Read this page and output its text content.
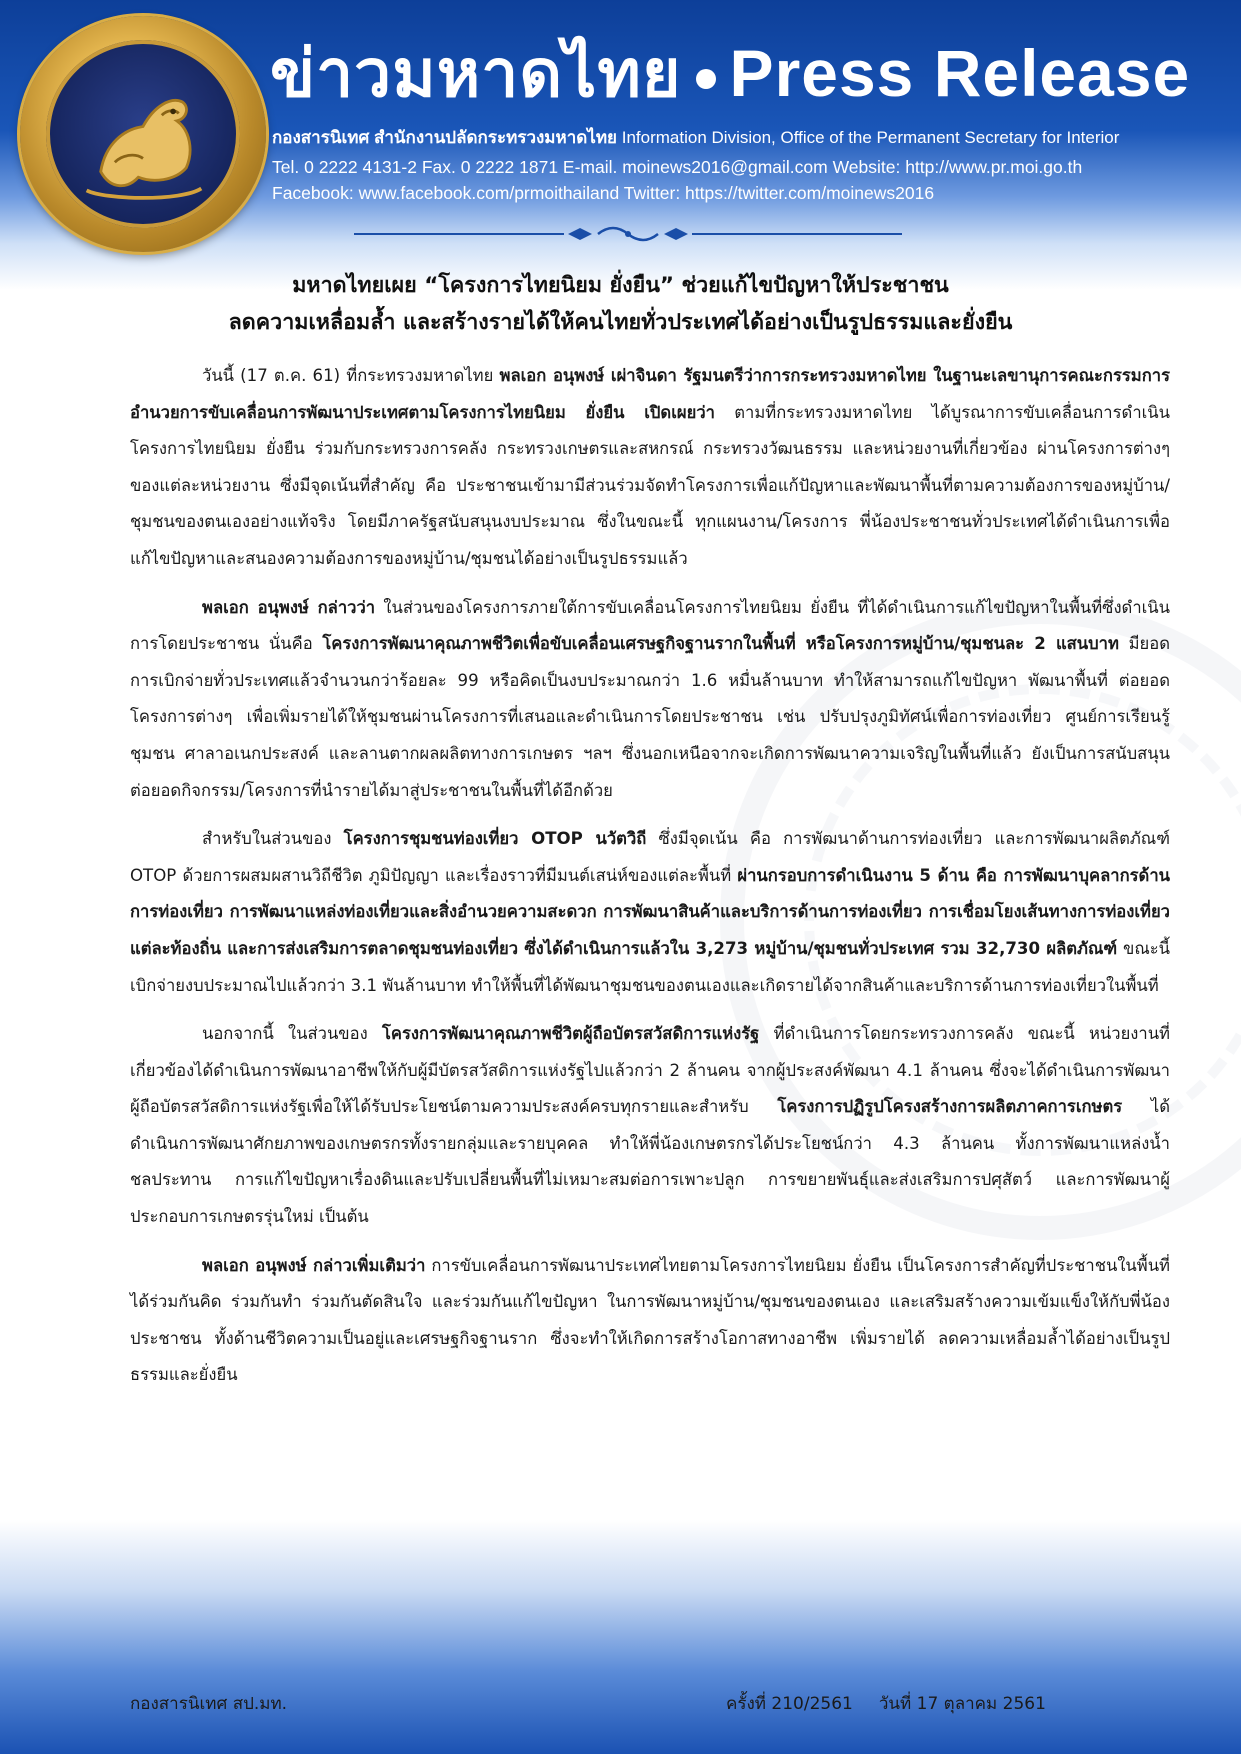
ข่าวมหาดไทย Press Release
กองสารนิเทศ สำนักงานปลัดกระทรวงมหาดไทย Information Division, Office of the Permanent Secretary for Interior
Tel. 0 2222 4131-2 Fax. 0 2222 1871 E-mail. moinews2016@gmail.com Website: http://www.pr.moi.go.th
Facebook: www.facebook.com/prmoithailand Twitter: https://twitter.com/moinews2016
มหาดไทยเผย “โครงการไทยนิยม ยั่งยืน” ช่วยแก้ไขปัญหาให้ประชาชน
ลดความเหลื่อมล้ำ และสร้างรายได้ให้คนไทยทั่วประเทศได้อย่างเป็นรูปธรรมและยั่งยืน

วันนี้ (17 ต.ค. 61) ที่กระทรวงมหาดไทย พลเอก อนุพงษ์ เผ่าจินดา รัฐมนตรีว่าการกระทรวงมหาดไทย ในฐานะเลขานุการคณะกรรมการอำนวยการขับเคลื่อนการพัฒนาประเทศตามโครงการไทยนิยม ยั่งยืน เปิดเผยว่า ตามที่กระทรวงมหาดไทย ได้บูรณาการขับเคลื่อนการดำเนินโครงการไทยนิยม ยั่งยืน ร่วมกับกระทรวงการคลัง กระทรวงเกษตรและสหกรณ์ กระทรวงวัฒนธรรม และหน่วยงานที่เกี่ยวข้อง ผ่านโครงการต่างๆ ของแต่ละหน่วยงาน ซึ่งมีจุดเน้นที่สำคัญ คือ ประชาชนเข้ามามีส่วนร่วมจัดทำโครงการเพื่อแก้ปัญหาและพัฒนาพื้นที่ตามความต้องการของหมู่บ้าน/ชุมชนของตนเองอย่างแท้จริง โดยมีภาครัฐสนับสนุนงบประมาณ ซึ่งในขณะนี้ ทุกแผนงาน/โครงการ พี่น้องประชาชนทั่วประเทศได้ดำเนินการเพื่อแก้ไขปัญหาและสนองความต้องการของหมู่บ้าน/ชุมชนได้อย่างเป็นรูปธรรมแล้ว

พลเอก อนุพงษ์ กล่าวว่า ในส่วนของโครงการภายใต้การขับเคลื่อนโครงการไทยนิยม ยั่งยืน ที่ได้ดำเนินการแก้ไขปัญหาในพื้นที่ซึ่งดำเนินการโดยประชาชน นั่นคือ โครงการพัฒนาคุณภาพชีวิตเพื่อขับเคลื่อนเศรษฐกิจฐานรากในพื้นที่ หรือโครงการหมู่บ้าน/ชุมชนละ 2 แสนบาท มียอดการเบิกจ่ายทั่วประเทศแล้วจำนวนกว่าร้อยละ 99 หรือคิดเป็นงบประมาณกว่า 1.6 หมื่นล้านบาท ทำให้สามารถแก้ไขปัญหา พัฒนาพื้นที่ ต่อยอดโครงการต่างๆ เพื่อเพิ่มรายได้ให้ชุมชนผ่านโครงการที่เสนอและดำเนินการโดยประชาชน เช่น ปรับปรุงภูมิทัศน์เพื่อการท่องเที่ยว ศูนย์การเรียนรู้ชุมชน ศาลาอเนกประสงค์ และลานตากผลผลิตทางการเกษตร ฯลฯ ซึ่งนอกเหนือจากจะเกิดการพัฒนาความเจริญในพื้นที่แล้ว ยังเป็นการสนับสนุนต่อยอดกิจกรรม/โครงการที่นำรายได้มาสู่ประชาชนในพื้นที่ได้อีกด้วย

สำหรับในส่วนของ โครงการชุมชนท่องเที่ยว OTOP นวัตวิถี ซึ่งมีจุดเน้น คือ การพัฒนาด้านการท่องเที่ยว และการพัฒนาผลิตภัณฑ์ OTOP ด้วยการผสมผสานวิถีชีวิต ภูมิปัญญา และเรื่องราวที่มีมนต์เสน่ห์ของแต่ละพื้นที่ ผ่านกรอบการดำเนินงาน 5 ด้าน คือ การพัฒนาบุคลากรด้านการท่องเที่ยว การพัฒนาแหล่งท่องเที่ยวและสิ่งอำนวยความสะดวก การพัฒนาสินค้าและบริการด้านการท่องเที่ยว การเชื่อมโยงเส้นทางการท่องเที่ยวแต่ละท้องถิ่น และการส่งเสริมการตลาดชุมชนท่องเที่ยว ซึ่งได้ดำเนินการแล้วใน 3,273 หมู่บ้าน/ชุมชนทั่วประเทศ รวม 32,730 ผลิตภัณฑ์ ขณะนี้เบิกจ่ายงบประมาณไปแล้วกว่า 3.1 พันล้านบาท ทำให้พื้นที่ได้พัฒนาชุมชนของตนเองและเกิดรายได้จากสินค้าและบริการด้านการท่องเที่ยวในพื้นที่

นอกจากนี้ ในส่วนของ โครงการพัฒนาคุณภาพชีวิตผู้ถือบัตรสวัสดิการแห่งรัฐ ที่ดำเนินการโดยกระทรวงการคลัง ขณะนี้ หน่วยงานที่เกี่ยวข้องได้ดำเนินการพัฒนาอาชีพให้กับผู้มีบัตรสวัสดิการแห่งรัฐไปแล้วกว่า 2 ล้านคน จากผู้ประสงค์พัฒนา 4.1 ล้านคน ซึ่งจะได้ดำเนินการพัฒนาผู้ถือบัตรสวัสดิการแห่งรัฐเพื่อให้ได้รับประโยชน์ตามความประสงค์ครบทุกรายและสำหรับ โครงการปฏิรูปโครงสร้างการผลิตภาคการเกษตร ได้ดำเนินการพัฒนาศักยภาพของเกษตรกรทั้งรายกลุ่มและรายบุคคล ทำให้พี่น้องเกษตรกรได้ประโยชน์กว่า 4.3 ล้านคน ทั้งการพัฒนาแหล่งน้ำชลประทาน การแก้ไขปัญหาเรื่องดินและปรับเปลี่ยนพื้นที่ไม่เหมาะสมต่อการเพาะปลูก การขยายพันธุ์และส่งเสริมการปศุสัตว์ และการพัฒนาผู้ประกอบการเกษตรรุ่นใหม่ เป็นต้น

พลเอก อนุพงษ์ กล่าวเพิ่มเติมว่า การขับเคลื่อนการพัฒนาประเทศไทยตามโครงการไทยนิยม ยั่งยืน เป็นโครงการสำคัญที่ประชาชนในพื้นที่ได้ร่วมกันคิด ร่วมกันทำ ร่วมกันตัดสินใจ และร่วมกันแก้ไขปัญหา ในการพัฒนาหมู่บ้าน/ชุมชนของตนเอง และเสริมสร้างความเข้มแข็งให้กับพี่น้องประชาชน ทั้งด้านชีวิตความเป็นอยู่และเศรษฐกิจฐานราก ซึ่งจะทำให้เกิดการสร้างโอกาสทางอาชีพ เพิ่มรายได้ ลดความเหลื่อมล้ำได้อย่างเป็นรูปธรรมและยั่งยืน

กองสารนิเทศ สป.มท.	ครั้งที่ 210/2561 วันที่ 17 ตุลาคม 2561
